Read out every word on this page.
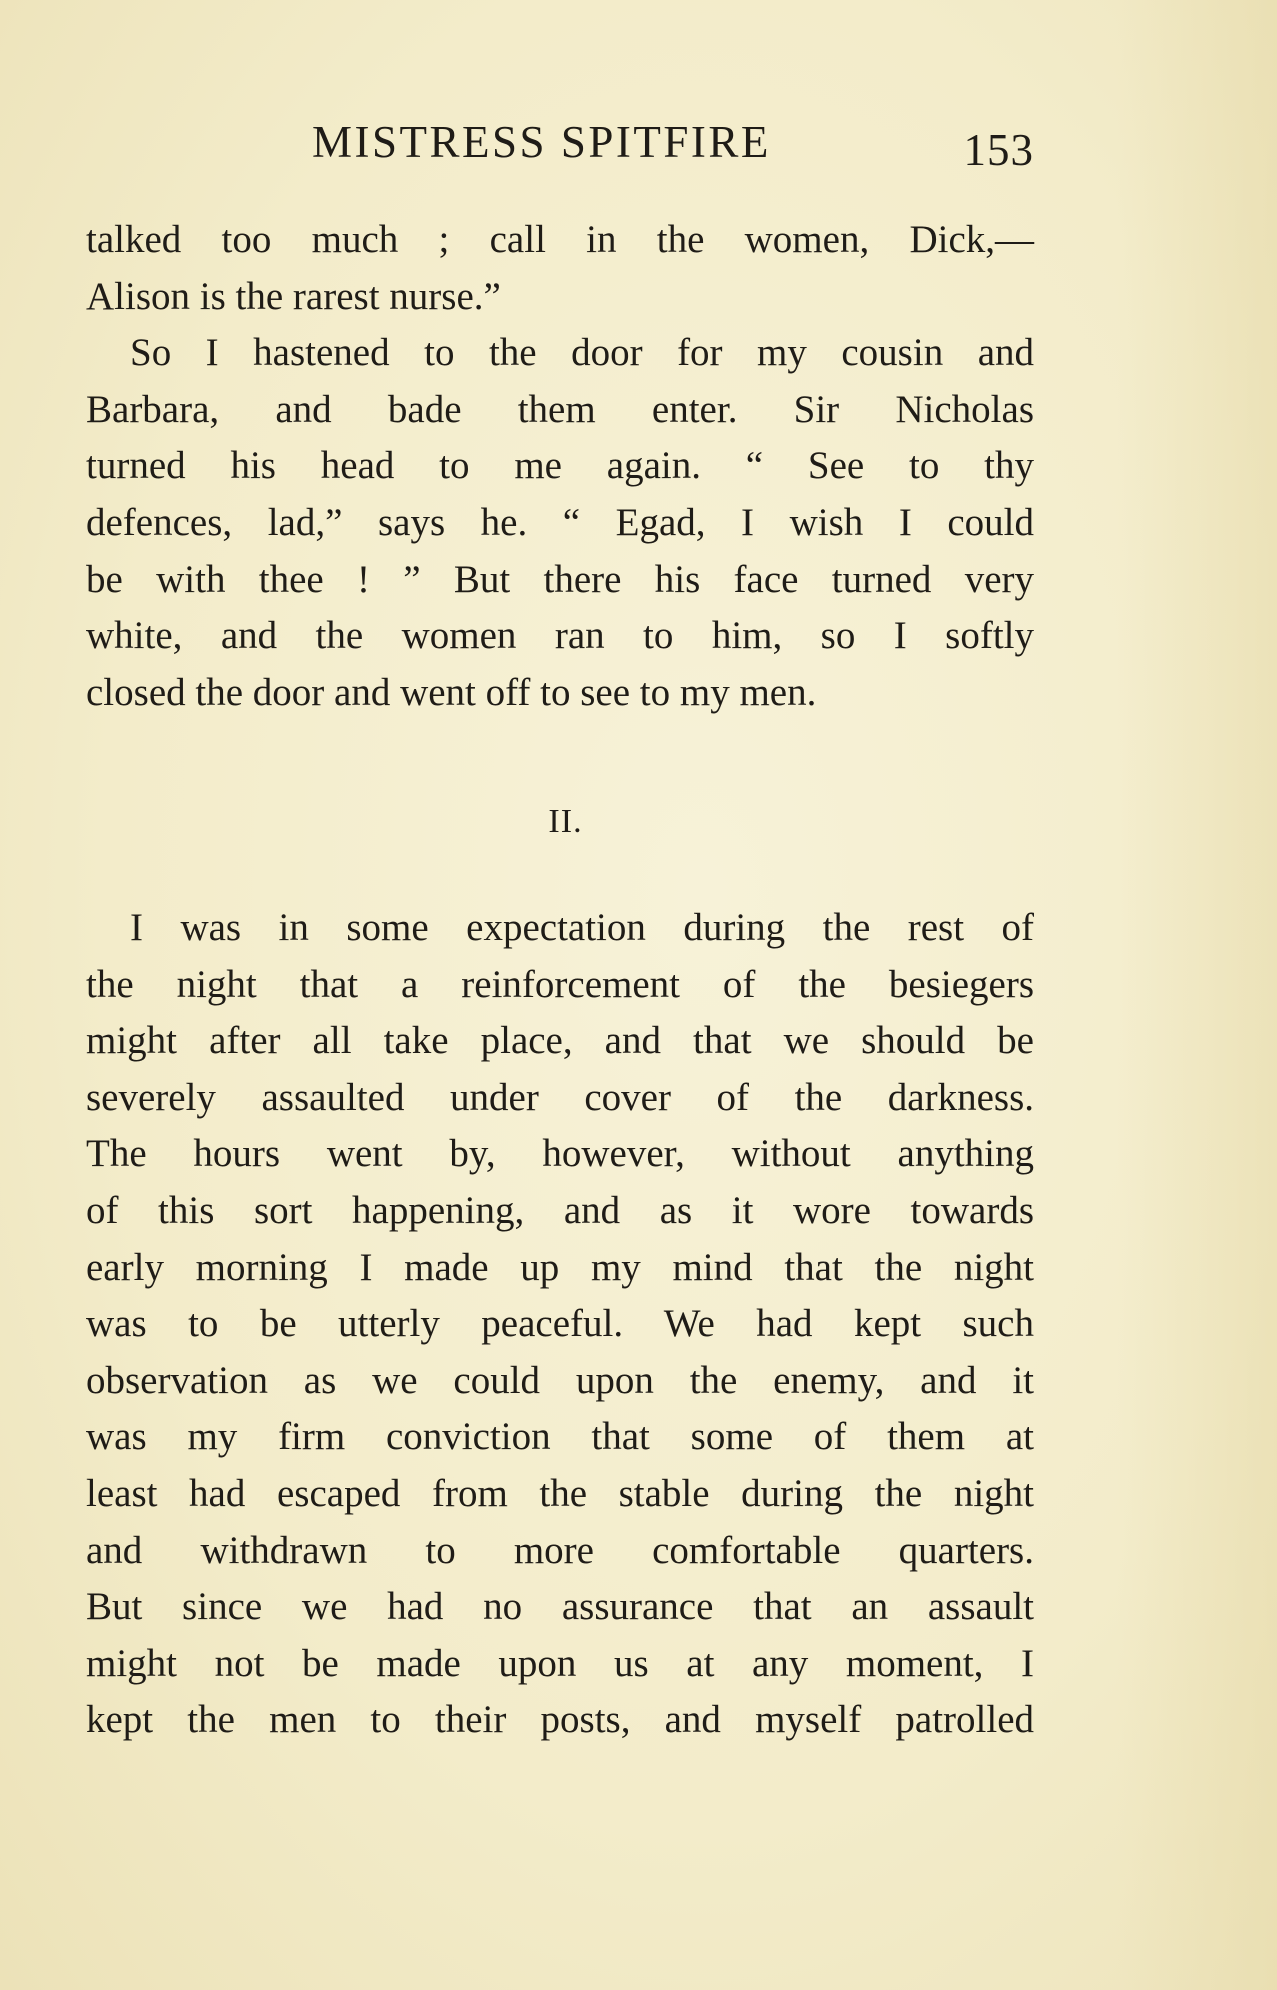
MISTRESS SPITFIRE	153
talked too much ; call in the women, Dick,—
Alison is the rarest nurse.”
So I hastened to the door for my cousin and
Barbara, and bade them enter. Sir Nicholas
turned his head to me again. “ See to thy
defences, lad,” says he. “ Egad, I wish I could
be with thee ! ” But there his face turned very
white, and the women ran to him, so I softly
closed the door and went off to see to my men.
II.
I was in some expectation during the rest of
the night that a reinforcement of the besiegers
might after all take place, and that we should be
severely assaulted under cover of the darkness.
The hours went by, however, without anything
of this sort happening, and as it wore towards
early morning I made up my mind that the night
was to be utterly peaceful. We had kept such
observation as we could upon the enemy, and it
was my firm conviction that some of them at
least had escaped from the stable during the night
and withdrawn to more comfortable quarters.
But since we had no assurance that an assault
might not be made upon us at any moment, I
kept the men to their posts, and myself patrolled
